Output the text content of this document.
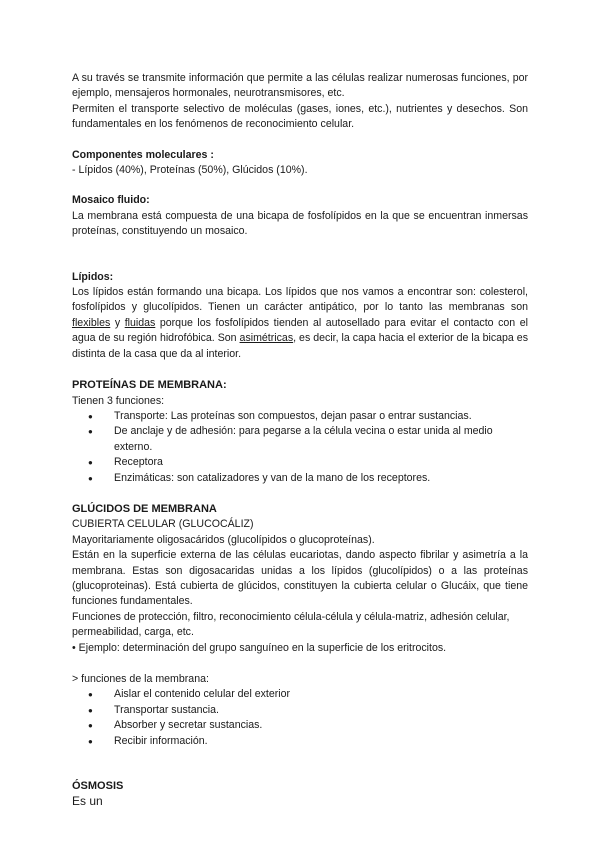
A su través se transmite información que permite a las células realizar numerosas funciones, por ejemplo, mensajeros hormonales, neurotransmisores, etc.

Permiten el transporte selectivo de moléculas (gases, iones, etc.), nutrientes y desechos. Son fundamentales en los fenómenos de reconocimiento celular.

Componentes moleculares :

- Lípidos (40%), Proteínas (50%), Glúcidos (10%).

Mosaico fluido:

La membrana está compuesta de una bicapa de fosfolípidos en la que se encuentran inmersas proteínas, constituyendo un mosaico.

Lípidos:

Los lípidos están formando una bicapa. Los lípidos que nos vamos a encontrar son: colesterol, fosfolípidos y glucolípidos. Tienen un carácter antipático, por lo tanto las membranas son flexibles y fluidas porque los fosfolípidos tienden al autosellado para evitar el contacto con el agua de su región hidrofóbica. Son asimétricas, es decir, la capa hacia el exterior de la bicapa es distinta de la casa que da al interior.

PROTEÍNAS DE MEMBRANA:

Tienen 3 funciones:

● Transporte: Las proteínas son compuestos, dejan pasar o entrar sustancias.
● De anclaje y de adhesión: para pegarse a la célula vecina o estar unida al medio externo.
● Receptora
● Enzimáticas: son catalizadores y van de la mano de los receptores.

GLÚCIDOS DE MEMBRANA

CUBIERTA CELULAR (GLUCOCÁLIZ)

Mayoritariamente oligosacáridos (glucolípidos o glucoproteínas).

Están en la superficie externa de las células eucariotas, dando aspecto fibrilar y asimetría a la membrana. Estas son digosacaridas unidas a los lípidos (glucolípidos) o a las proteínas (glucoproteinas). Está cubierta de glúcidos, constituyen la cubierta celular o Glucáix, que tiene funciones fundamentales.

Funciones de protección, filtro, reconocimiento célula-célula y célula-matriz, adhesión celular, permeabilidad, carga, etc.

• Ejemplo: determinación del grupo sanguíneo en la superficie de los eritrocitos.

> funciones de la membrana:

● Aislar el contenido celular del exterior
● Transportar sustancia.
● Absorber y secretar sustancias.
● Recibir información.

ÓSMOSIS

Es un
